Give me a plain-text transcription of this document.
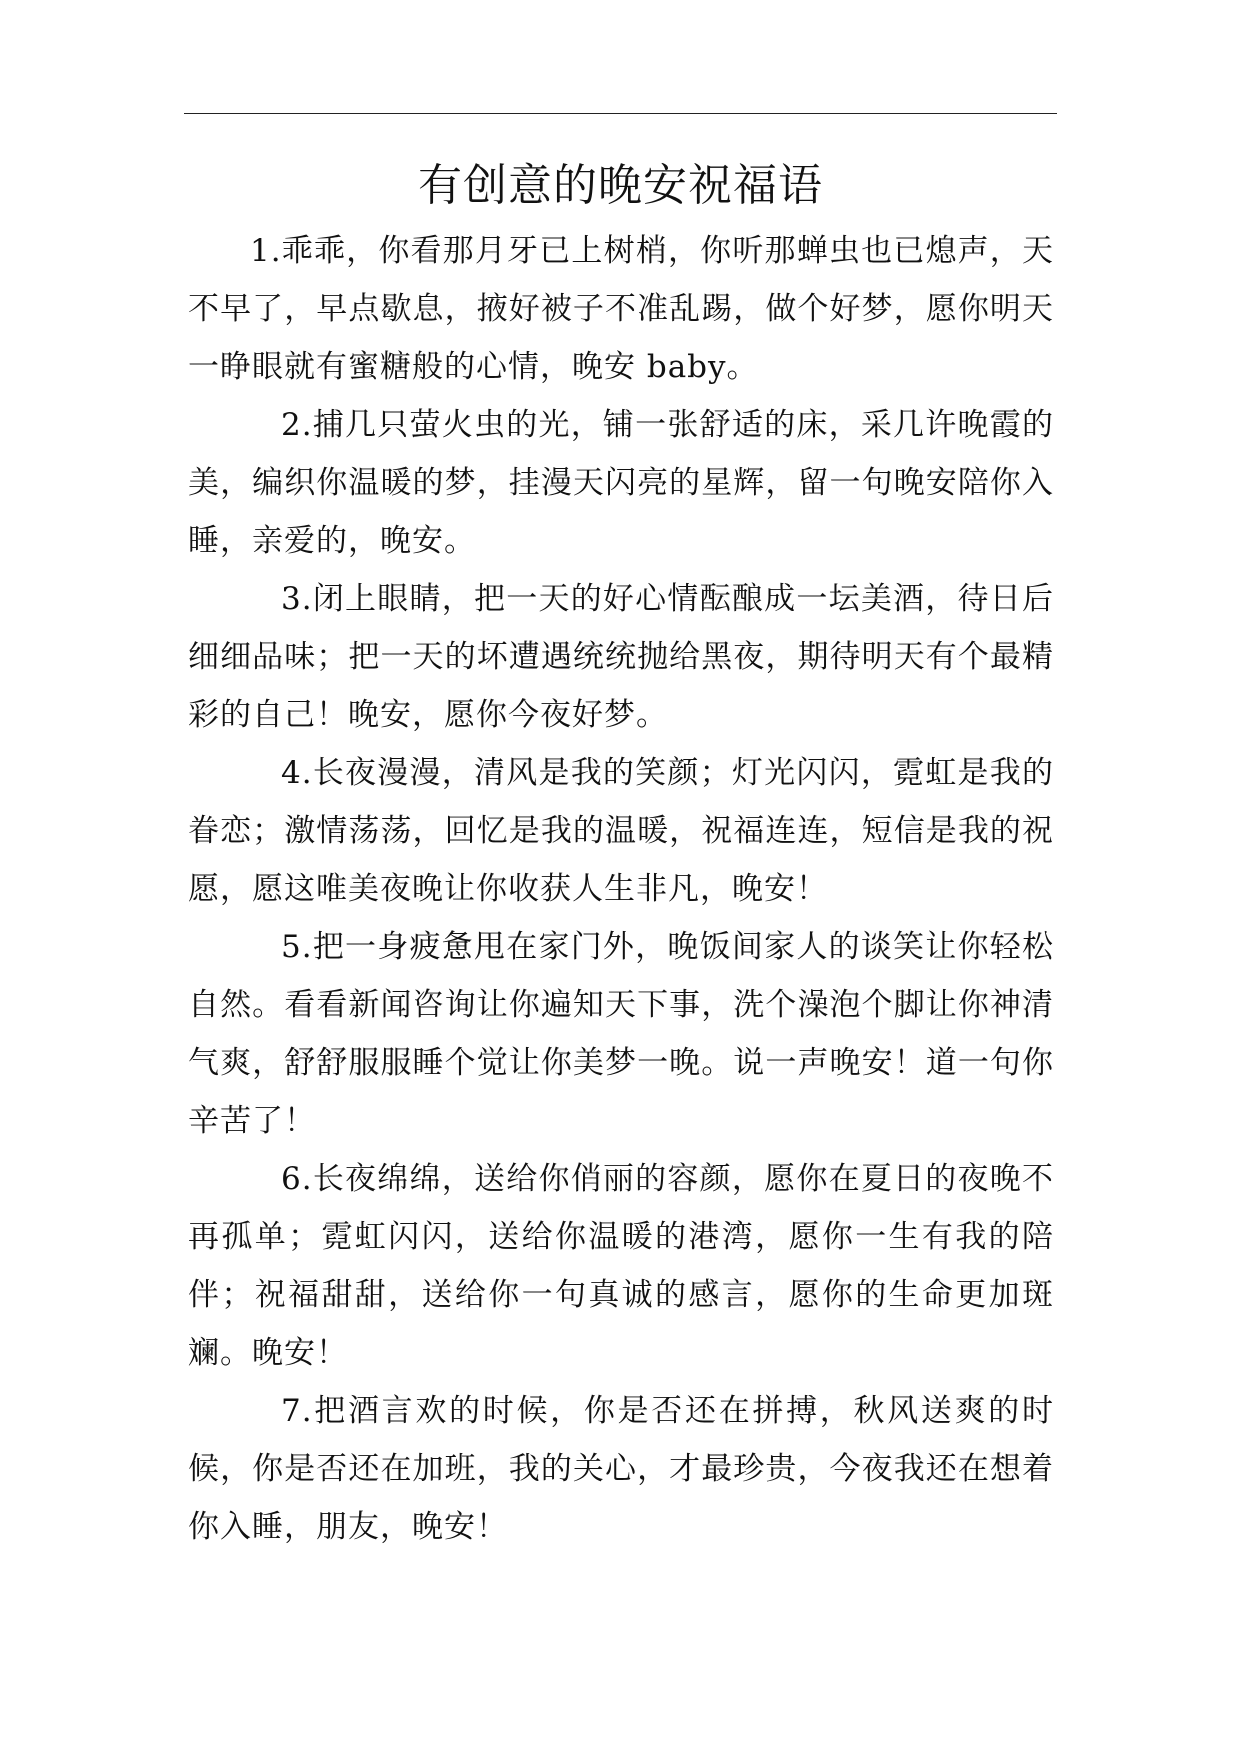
有创意的晚安祝福语

1.乖乖，你看那月牙已上树梢，你听那蝉虫也已熄声，天不早了，早点歇息，掖好被子不准乱踢，做个好梦，愿你明天一睁眼就有蜜糖般的心情，晚安 baby。

2.捕几只萤火虫的光，铺一张舒适的床，采几许晚霞的美，编织你温暖的梦，挂漫天闪亮的星辉，留一句晚安陪你入睡，亲爱的，晚安。

3.闭上眼睛，把一天的好心情酝酿成一坛美酒，待日后细细品味；把一天的坏遭遇统统抛给黑夜，期待明天有个最精彩的自己！晚安，愿你今夜好梦。

4.长夜漫漫，清风是我的笑颜；灯光闪闪，霓虹是我的眷恋；激情荡荡，回忆是我的温暖，祝福连连，短信是我的祝愿，愿这唯美夜晚让你收获人生非凡，晚安！

5.把一身疲惫甩在家门外，晚饭间家人的谈笑让你轻松自然。看看新闻咨询让你遍知天下事，洗个澡泡个脚让你神清气爽，舒舒服服睡个觉让你美梦一晚。说一声晚安！道一句你辛苦了！

6.长夜绵绵，送给你俏丽的容颜，愿你在夏日的夜晚不再孤单；霓虹闪闪，送给你温暖的港湾，愿你一生有我的陪伴；祝福甜甜，送给你一句真诚的感言，愿你的生命更加斑斓。晚安！

7.把酒言欢的时候，你是否还在拼搏，秋风送爽的时候，你是否还在加班，我的关心，才最珍贵，今夜我还在想着你入睡，朋友，晚安！
